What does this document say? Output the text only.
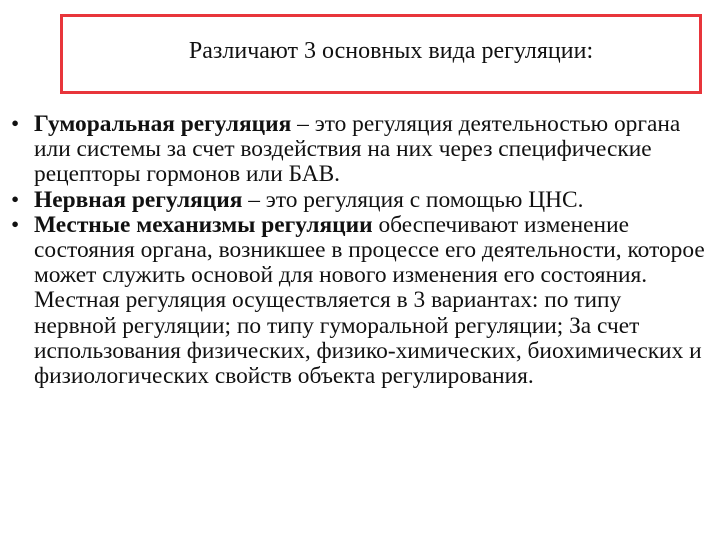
Различают 3 основных вида регуляции:
• Гуморальная регуляция – это регуляция деятельностью органа или системы за счет воздействия на них через специфические рецепторы гормонов или БАВ.
• Нервная регуляция – это регуляция с помощью ЦНС.
• Местные механизмы регуляции обеспечивают изменение состояния органа, возникшее в процессе его деятельности, которое может служить основой для нового изменения его состояния. Местная регуляция осуществляется в 3 вариантах: по типу нервной регуляции; по типу гуморальной регуляции; За счет использования физических, физико-химических, биохимических и физиологических свойств объекта регулирования.
